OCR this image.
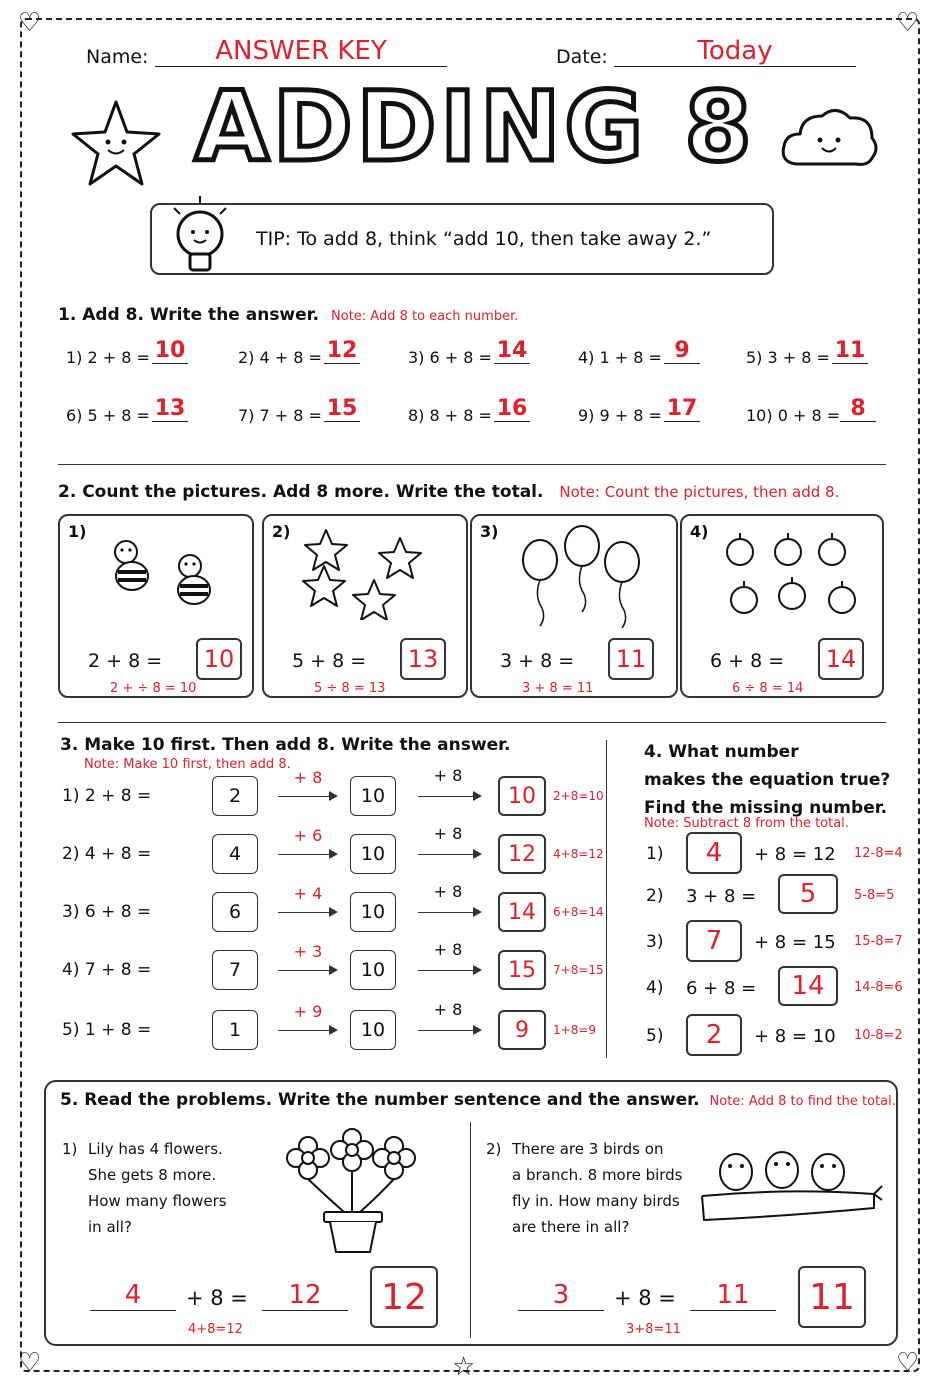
♡	♡
♡	♡
☆
Name:	ANSWER KEY	Date:	Today
ADDING 8
TIP: To add 8, think “add 10, then take away 2.”
1. Add 8. Write the answer. Note: Add 8 to each number.
1) 2 + 8 = 10	2) 4 + 8 = 12	3) 6 + 8 = 14	4) 1 + 8 = 9	5) 3 + 8 = 11
6) 5 + 8 = 13	7) 7 + 8 = 15	8) 8 + 8 = 16	9) 9 + 8 = 17	10) 0 + 8 = 8
2. Count the pictures. Add 8 more. Write the total. Note: Count the pictures, then add 8.
1)
2 + 8 =	10
2 + ÷ 8 = 10
2)
5 + 8 =	13
5 ÷ 8 = 13
3)
3 + 8 =	11
3 + 8 = 11
4)
6 + 8 =	14
6 ÷ 8 = 14
3. Make 10 first. Then add 8. Write the answer.
Note: Make 10 first, then add 8.
1) 2 + 8 =	2
+ 8
10
+ 8
10	2+8=10
2) 4 + 8 =	4
+ 6
10
+ 8
12	4+8=12
3) 6 + 8 =	6
+ 4
10
+ 8
14	6+8=14
4) 7 + 8 =	7
+ 3
10
+ 8
15	7+8=15
5) 1 + 8 =	1
+ 9
10
+ 8
9	1+8=9
4. What number
makes the equation true?
Find the missing number.
Note: Subtract 8 from the total.
1)	4	+ 8 = 12 12-8=4
2) 3 + 8 =	5	5-8=5
3)	7	+ 8 = 15 15-8=7
4) 6 + 8 =	14	14-8=6
5)	2	+ 8 = 10 10-8=2
5. Read the problems. Write the number sentence and the answer. Note: Add 8 to find the total.
1) Lily has 4 flowers.
She gets 8 more.
How many flowers
in all?
4	+ 8 =	12	12
4+8=12
2) There are 3 birds on
a branch. 8 more birds
fly in. How many birds
are there in all?
3	+ 8 =	11	11
3+8=11
